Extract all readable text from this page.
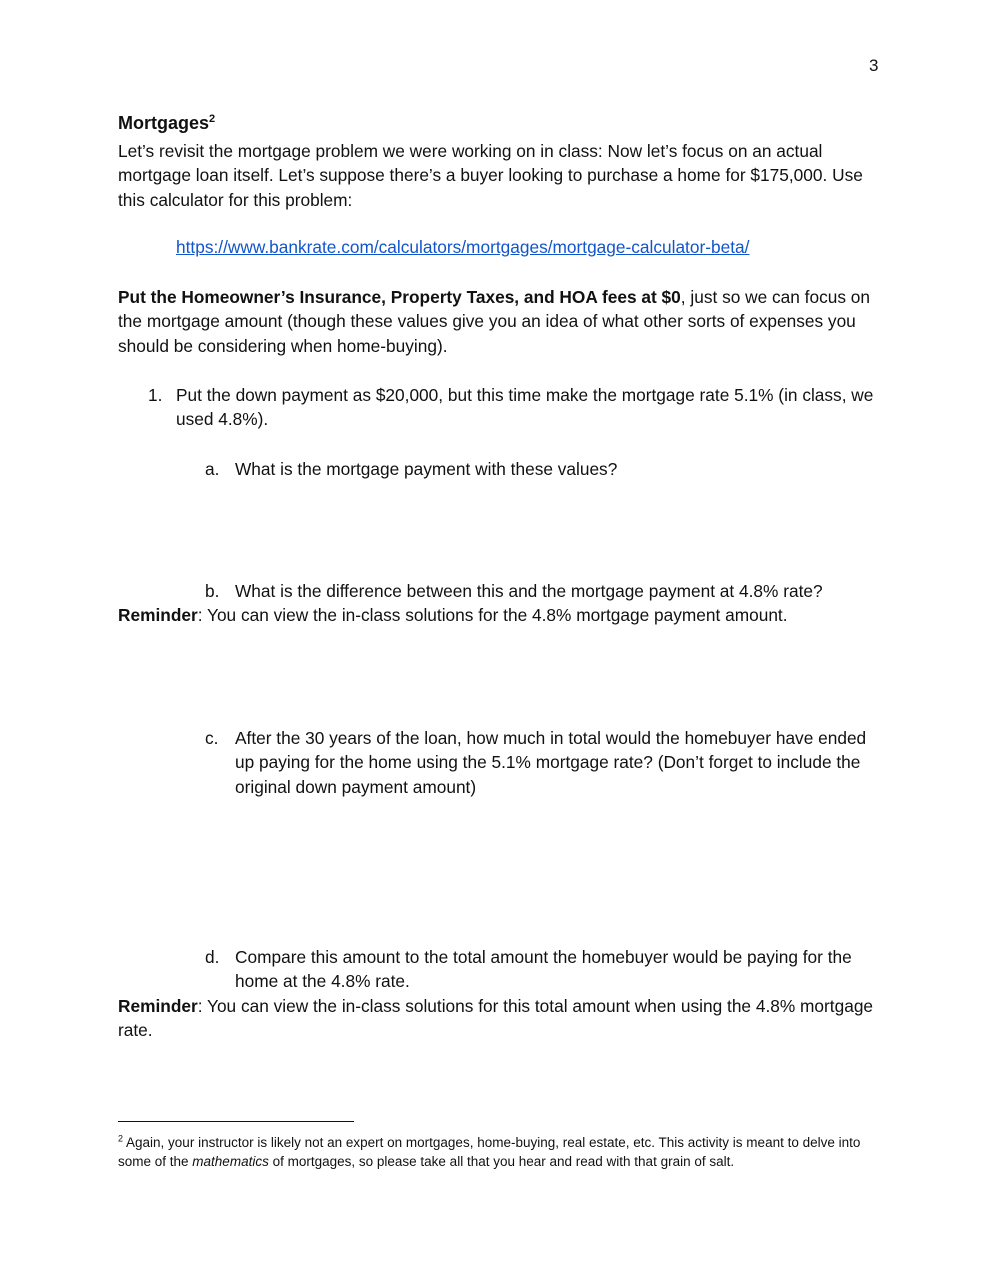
3
Mortgages$^2$
Let’s revisit the mortgage problem we were working on in class: Now let’s focus on an actual mortgage loan itself. Let’s suppose there’s a buyer looking to purchase a home for $175,000. Use this calculator for this problem:
https://www.bankrate.com/calculators/mortgages/mortgage-calculator-beta/
Put the Homeowner’s Insurance, Property Taxes, and HOA fees at $0, just so we can focus on the mortgage amount (though these values give you an idea of what other sorts of expenses you should be considering when home-buying).
1. Put the down payment as $20,000, but this time make the mortgage rate 5.1% (in class, we used 4.8%).
a. What is the mortgage payment with these values?
b. What is the difference between this and the mortgage payment at 4.8% rate?
Reminder: You can view the in-class solutions for the 4.8% mortgage payment amount.
c. After the 30 years of the loan, how much in total would the homebuyer have ended up paying for the home using the 5.1% mortgage rate? (Don’t forget to include the original down payment amount)
d. Compare this amount to the total amount the homebuyer would be paying for the home at the 4.8% rate.
Reminder: You can view the in-class solutions for this total amount when using the 4.8% mortgage rate.
$^2$ Again, your instructor is likely not an expert on mortgages, home-buying, real estate, etc. This activity is meant to delve into some of the mathematics of mortgages, so please take all that you hear and read with that grain of salt.
